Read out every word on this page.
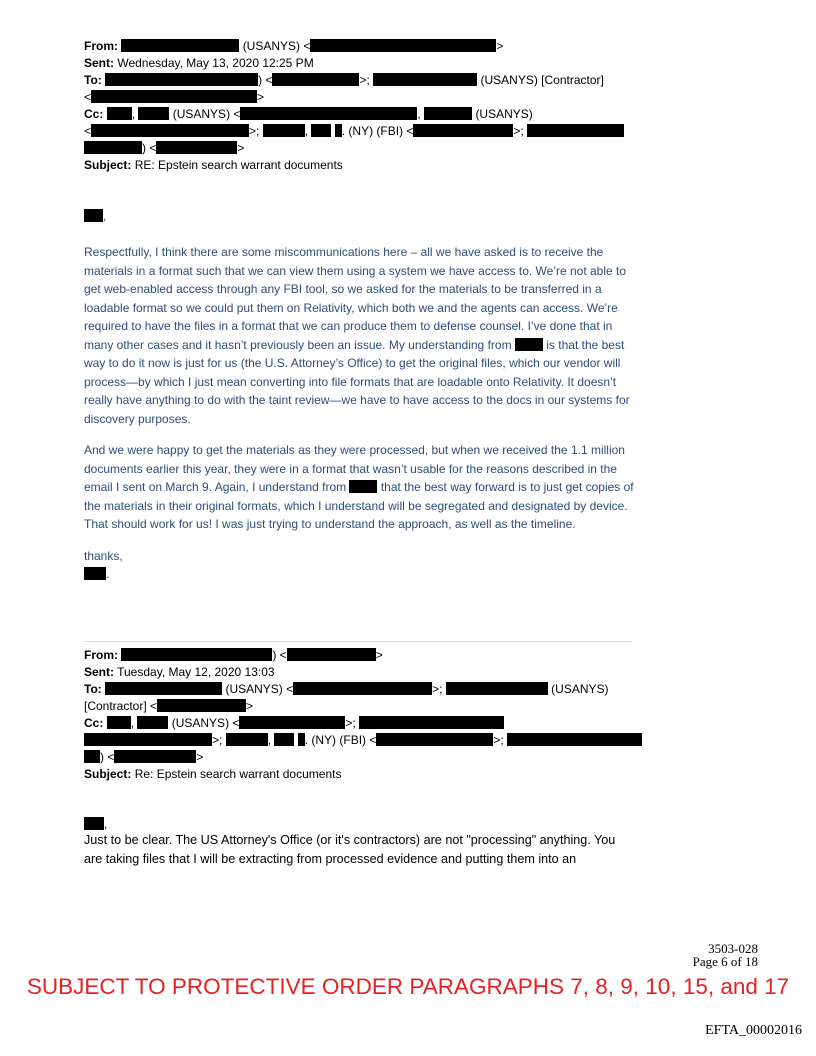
From:	(USANYS) <	>
Sent: Wednesday, May 13, 2020 12:25 PM
To:	) <	>;	(USANYS) [Contractor]
<	>
Cc: ,	(USANYS) <	,	(USANYS)
<	>;	,	. (NY) (FBI) <	>;
) <	>
Subject: RE: Epstein search warrant documents
,

Respectfully, I think there are some miscommunications here – all we have asked is to receive the materials in a format such that we can view them using a system we have access to. We’re not able to get web-enabled access through any FBI tool, so we asked for the materials to be transferred in a loadable format so we could put them on Relativity, which both we and the agents can access. We’re required to have the files in a format that we can produce them to defense counsel. I’ve done that in many other cases and it hasn’t previously been an issue. My understanding from	is that the best way to do it now is just for us (the U.S. Attorney’s Office) to get the original files, which our vendor will process—by which I just mean converting into file formats that are loadable onto Relativity. It doesn’t really have anything to do with the taint review—we have to have access to the docs in our systems for discovery purposes.

And we were happy to get the materials as they were processed, but when we received the 1.1 million documents earlier this year, they were in a format that wasn’t usable for the reasons described in the email I sent on March 9. Again, I understand from	that the best way forward is to just get copies of the materials in their original formats, which I understand will be segregated and designated by device. That should work for us! I was just trying to understand the approach, as well as the timeline.

thanks,
.

From:	) <	>
Sent: Tuesday, May 12, 2020 13:03
To:	(USANYS) <	>;	(USANYS)
[Contractor] <	>
Cc: ,	(USANYS) <	>;
>;	,	. (NY) (FBI) <	>;
) <	>
Subject: Re: Epstein search warrant documents
,

Just to be clear. The US Attorney's Office (or it's contractors) are not "processing" anything. You are taking files that I will be extracting from processed evidence and putting them into an

3503-028
Page 6 of 18
SUBJECT TO PROTECTIVE ORDER PARAGRAPHS 7, 8, 9, 10, 15, and 17
EFTA_00002016
